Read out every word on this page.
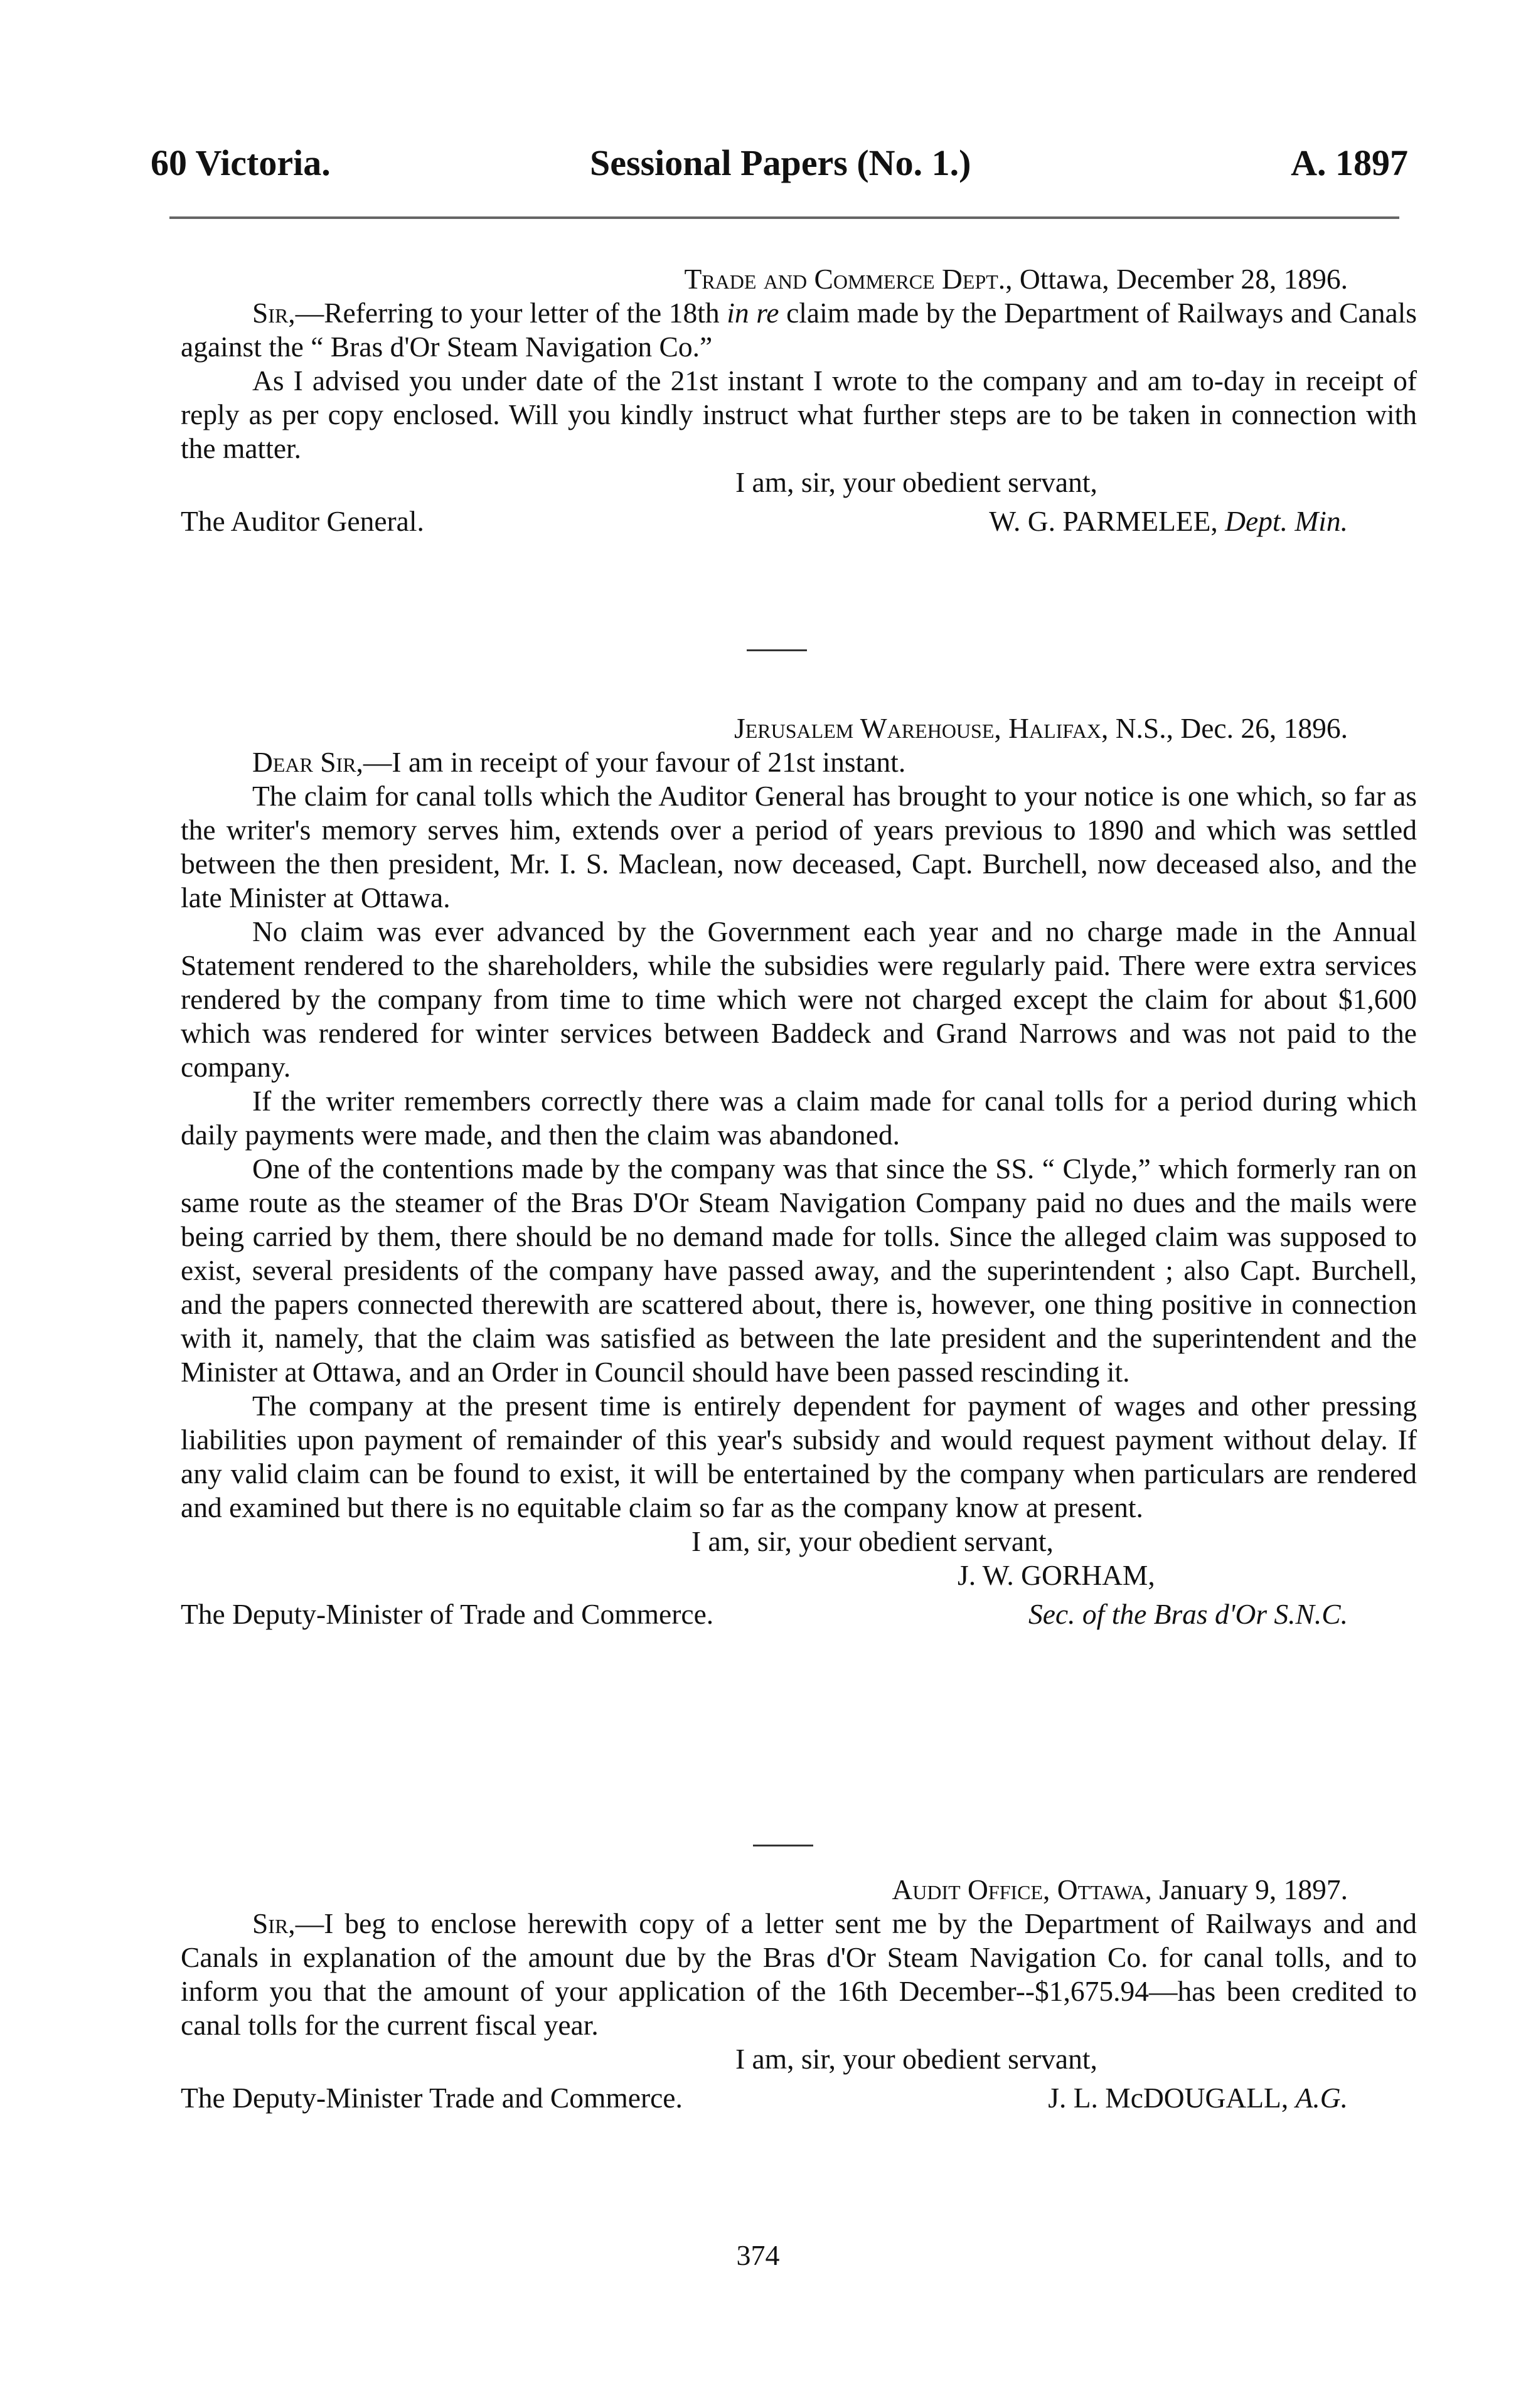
60 Victoria.	Sessional Papers (No. 1.)	A. 1897

Trade and Commerce Dept., Ottawa, December 28, 1896.

Sir,—Referring to your letter of the 18th in re claim made by the Department of Railways and Canals against the “ Bras d'Or Steam Navigation Co.”

As I advised you under date of the 21st instant I wrote to the company and am to-day in receipt of reply as per copy enclosed. Will you kindly instruct what further steps are to be taken in connection with the matter.

I am, sir, your obedient servant,

The Auditor General.	W. G. PARMELEE, Dept. Min.

Jerusalem Warehouse, Halifax, N.S., Dec. 26, 1896.

Dear Sir,—I am in receipt of your favour of 21st instant.

The claim for canal tolls which the Auditor General has brought to your notice is one which, so far as the writer's memory serves him, extends over a period of years previous to 1890 and which was settled between the then president, Mr. I. S. Maclean, now deceased, Capt. Burchell, now deceased also, and the late Minister at Ottawa.

No claim was ever advanced by the Government each year and no charge made in the Annual Statement rendered to the shareholders, while the subsidies were regularly paid. There were extra services rendered by the company from time to time which were not charged except the claim for about $1,600 which was rendered for winter services between Baddeck and Grand Narrows and was not paid to the company.

If the writer remembers correctly there was a claim made for canal tolls for a period during which daily payments were made, and then the claim was abandoned.

One of the contentions made by the company was that since the SS. “ Clyde,” which formerly ran on same route as the steamer of the Bras D'Or Steam Navigation Company paid no dues and the mails were being carried by them, there should be no demand made for tolls. Since the alleged claim was supposed to exist, several presidents of the company have passed away, and the superintendent ; also Capt. Burchell, and the papers connected therewith are scattered about, there is, however, one thing positive in connection with it, namely, that the claim was satisfied as between the late president and the superintendent and the Minister at Ottawa, and an Order in Council should have been passed rescinding it.

The company at the present time is entirely dependent for payment of wages and other pressing liabilities upon payment of remainder of this year's subsidy and would request payment without delay. If any valid claim can be found to exist, it will be entertained by the company when particulars are rendered and examined but there is no equitable claim so far as the company know at present.

I am, sir, your obedient servant,

J. W. GORHAM,

The Deputy-Minister of Trade and Commerce.	Sec. of the Bras d'Or S.N.C.

Audit Office, Ottawa, January 9, 1897.

Sir,—I beg to enclose herewith copy of a letter sent me by the Department of Railways and and Canals in explanation of the amount due by the Bras d'Or Steam Navigation Co. for canal tolls, and to inform you that the amount of your application of the 16th December--$1,675.94—has been credited to canal tolls for the current fiscal year.

I am, sir, your obedient servant,

The Deputy-Minister Trade and Commerce.	J. L. McDOUGALL, A.G.
374
